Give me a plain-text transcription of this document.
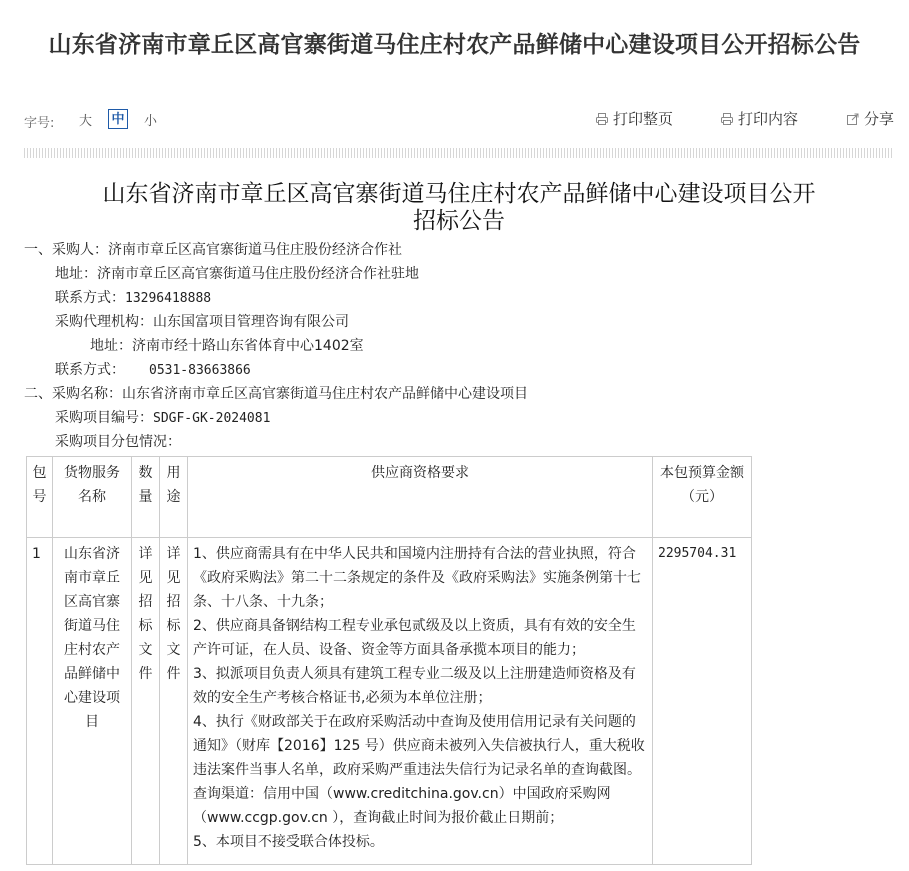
山东省济南市章丘区高官寨街道马住庄村农产品鲜储中心建设项目公开招标公告
字号: 大 中 小	打印整页	打印内容	分享
山东省济南市章丘区高官寨街道马住庄村农产品鲜储中心建设项目公开
招标公告
一、采购人：济南市章丘区高官寨街道马住庄股份经济合作社
地址：济南市章丘区高官寨街道马住庄股份经济合作社驻地
联系方式：13296418888
采购代理机构：山东国富项目管理咨询有限公司
地址：济南市经十路山东省体育中心1402室
联系方式： 0531-83663866
二、采购名称：山东省济南市章丘区高官寨街道马住庄村农产品鲜储中心建设项目
采购项目编号：SDGF-GK-2024081
采购项目分包情况：
包号	货物服务名称	数量	用途	供应商资格要求	本包预算金额
（元）

1	山东省济南市章丘区高官寨街道马住庄村农产品鲜储中心建设项目	详见招标文件	详见招标文件	1、供应商需具有在中华人民共和国境内注册持有合法的营业执照，符合《政府采购法》第二十二条规定的条件及《政府采购法》实施条例第十七条、十八条、十九条；
2、供应商具备钢结构工程专业承包贰级及以上资质，具有有效的安全生产许可证，在人员、设备、资金等方面具备承揽本项目的能力；
3、拟派项目负责人须具有建筑工程专业二级及以上注册建造师资格及有效的安全生产考核合格证书,必须为本单位注册；
4、执行《财政部关于在政府采购活动中查询及使用信用记录有关问题的通知》（财库【2016】125 号）供应商未被列入失信被执行人，重大税收违法案件当事人名单，政府采购严重违法失信行为记录名单的查询截图。查询渠道：信用中国（www.creditchina.gov.cn）中国政府采购网（www.ccgp.gov.cn ），查询截止时间为报价截止日期前；
5、本项目不接受联合体投标。	2295704.31
